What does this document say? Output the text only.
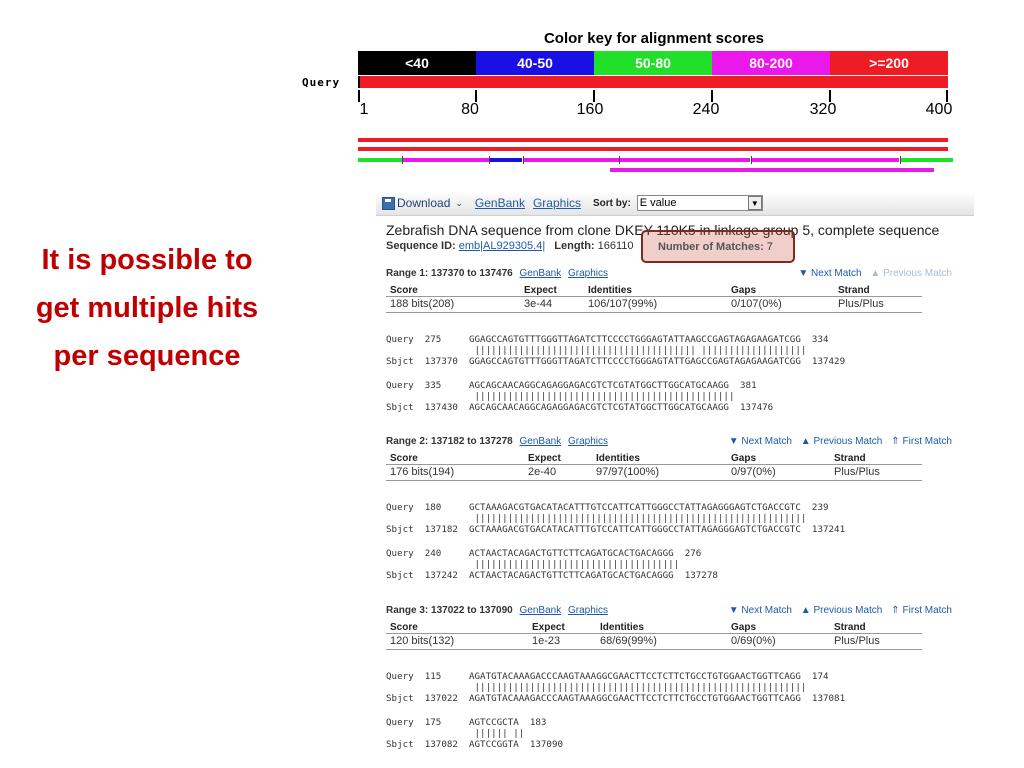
It is possible to
get multiple hits
per sequence
Color key for alignment scores
<40	40-50	50-80	80-200	>=200
Query
1	80	160	240	320	400
Download ⌄ GenBank Graphics Sort by: E value	▼
Zebrafish DNA sequence from clone DKEY-110K5 in linkage group 5, complete sequence
Sequence ID: emb|AL929305.4| Length: 166110 Number of Matches: 7
Range 1: 137370 to 137476 GenBank Graphics	▼ Next Match ▲ Previous Match
Score	Expect	Identities	Gaps	Strand
188 bits(208)	3e-44	106/107(99%)	0/107(0%)	Plus/Plus

Query  275     GGAGCCAGTGTTTGGGTTAGATCTTCCCCTGGGAGTATTAAGCCGAGTAGAGAAGATCGG  334
|||||||||||||||||||||||||||||||||||||||| |||||||||||||||||||
Sbjct  137370  GGAGCCAGTGTTTGGGTTAGATCTTCCCCTGGGAGTATTGAGCCGAGTAGAGAAGATCGG  137429

Query  335     AGCAGCAACAGGCAGAGGAGACGTCTCGTATGGCTTGGCATGCAAGG  381
|||||||||||||||||||||||||||||||||||||||||||||||
Sbjct  137430  AGCAGCAACAGGCAGAGGAGACGTCTCGTATGGCTTGGCATGCAAGG  137476

Range 2: 137182 to 137278 GenBank Graphics	▼ Next Match ▲ Previous Match ⇑ First Match
Score	Expect	Identities	Gaps	Strand
176 bits(194)	2e-40	97/97(100%)	0/97(0%)	Plus/Plus

Query  180     GCTAAAGACGTGACATACATTTGTCCATTCATTGGGCCTATTAGAGGGAGTCTGACCGTC  239
||||||||||||||||||||||||||||||||||||||||||||||||||||||||||||
Sbjct  137182  GCTAAAGACGTGACATACATTTGTCCATTCATTGGGCCTATTAGAGGGAGTCTGACCGTC  137241

Query  240     ACTAACTACAGACTGTTCTTCAGATGCACTGACAGGG  276
|||||||||||||||||||||||||||||||||||||
Sbjct  137242  ACTAACTACAGACTGTTCTTCAGATGCACTGACAGGG  137278

Range 3: 137022 to 137090 GenBank Graphics	▼ Next Match ▲ Previous Match ⇑ First Match
Score	Expect	Identities	Gaps	Strand
120 bits(132)	1e-23	68/69(99%)	0/69(0%)	Plus/Plus

Query  115     AGATGTACAAAGACCCAAGTAAAGGCGAACTTCCTCTTCTGCCTGTGGAACTGGTTCAGG  174
||||||||||||||||||||||||||||||||||||||||||||||||||||||||||||
Sbjct  137022  AGATGTACAAAGACCCAAGTAAAGGCGAACTTCCTCTTCTGCCTGTGGAACTGGTTCAGG  137081

Query  175     AGTCCGCTA  183
|||||| ||
Sbjct  137082  AGTCCGGTA  137090
